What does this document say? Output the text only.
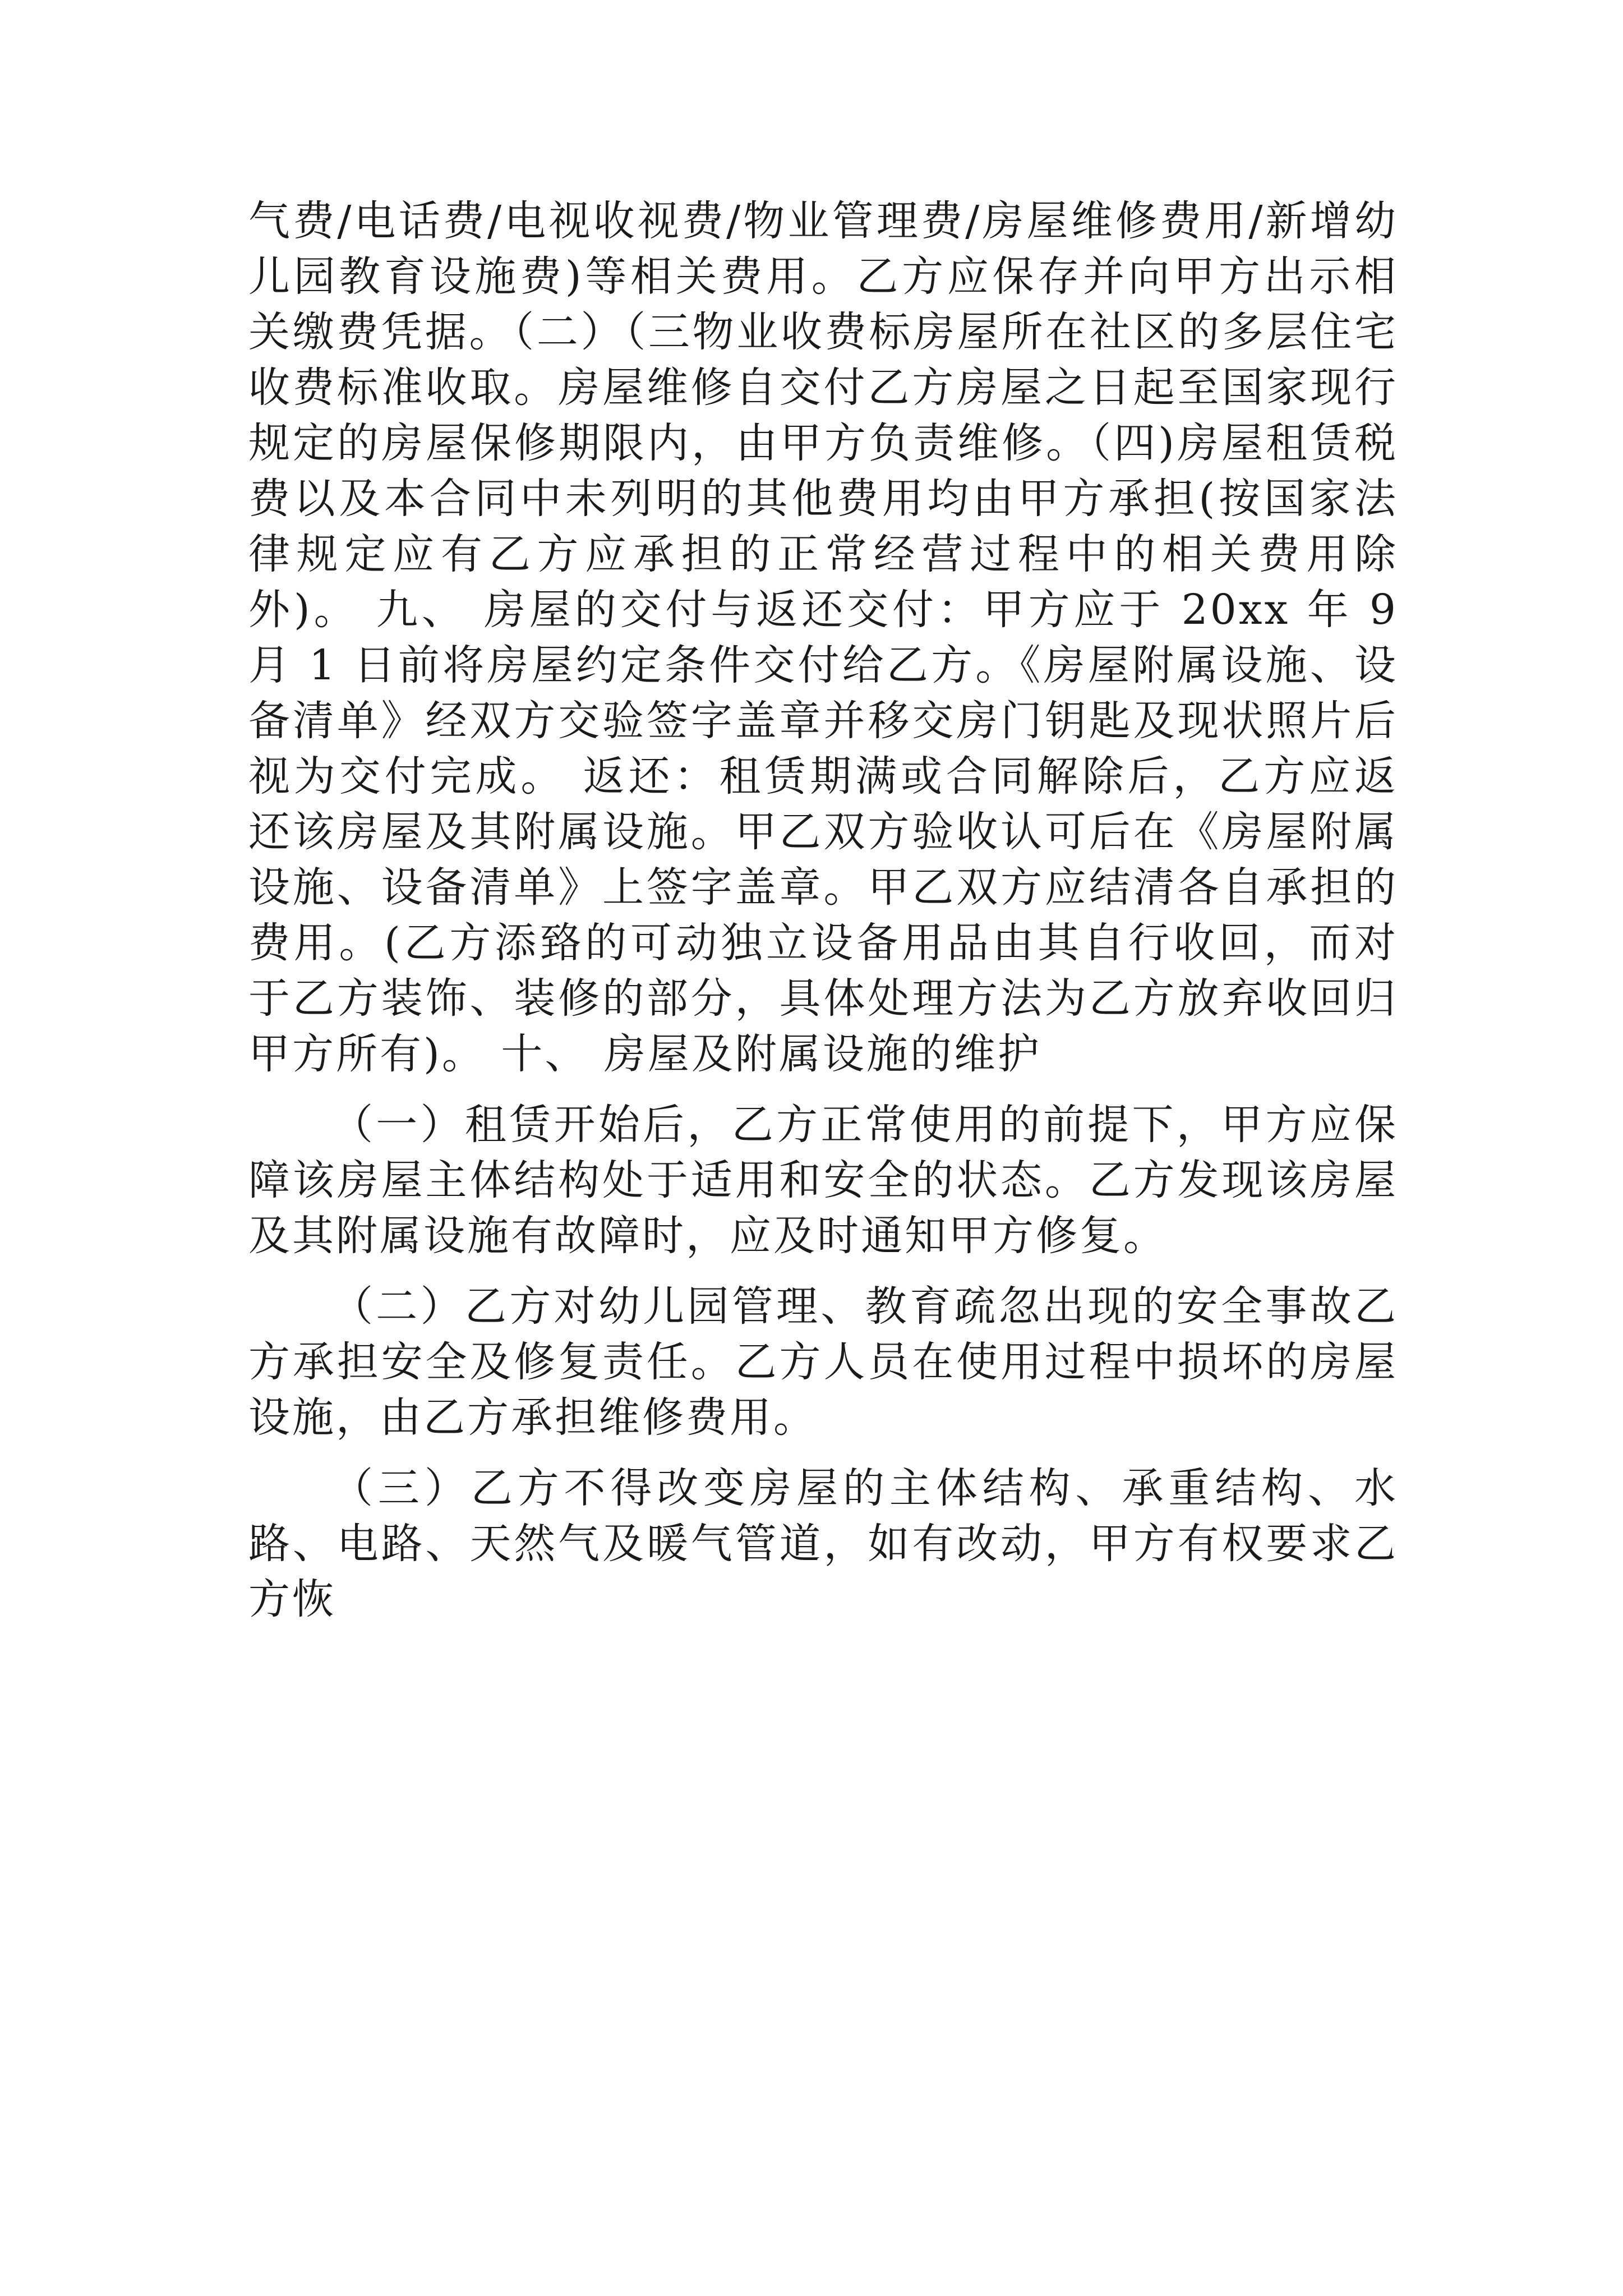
气费/电话费/电视收视费/物业管理费/房屋维修费用/新增幼儿园教育设施费)等相关费用。乙方应保存并向甲方出示相关缴费凭据。（二）（三物业收费标房屋所在社区的多层住宅收费标准收取。房屋维修自交付乙方房屋之日起至国家现行规定的房屋保修期限内，由甲方负责维修。（四)房屋租赁税费以及本合同中未列明的其他费用均由甲方承担(按国家法律规定应有乙方应承担的正常经营过程中的相关费用除外)。 九、 房屋的交付与返还交付：甲方应于 20xx 年 9 月 1 日前将房屋约定条件交付给乙方。《房屋附属设施、设备清单》经双方交验签字盖章并移交房门钥匙及现状照片后视为交付完成。 返还：租赁期满或合同解除后，乙方应返还该房屋及其附属设施。甲乙双方验收认可后在《房屋附属设施、设备清单》上签字盖章。甲乙双方应结清各自承担的费用。(乙方添臵的可动独立设备用品由其自行收回，而对于乙方装饰、装修的部分，具体处理方法为乙方放弃收回归甲方所有)。 十、 房屋及附属设施的维护

（一）租赁开始后，乙方正常使用的前提下，甲方应保障该房屋主体结构处于适用和安全的状态。乙方发现该房屋及其附属设施有故障时，应及时通知甲方修复。

（二）乙方对幼儿园管理、教育疏忽出现的安全事故乙方承担安全及修复责任。乙方人员在使用过程中损坏的房屋设施，由乙方承担维修费用。

（三）乙方不得改变房屋的主体结构、承重结构、水路、电路、天然气及暖气管道，如有改动，甲方有权要求乙方恢
